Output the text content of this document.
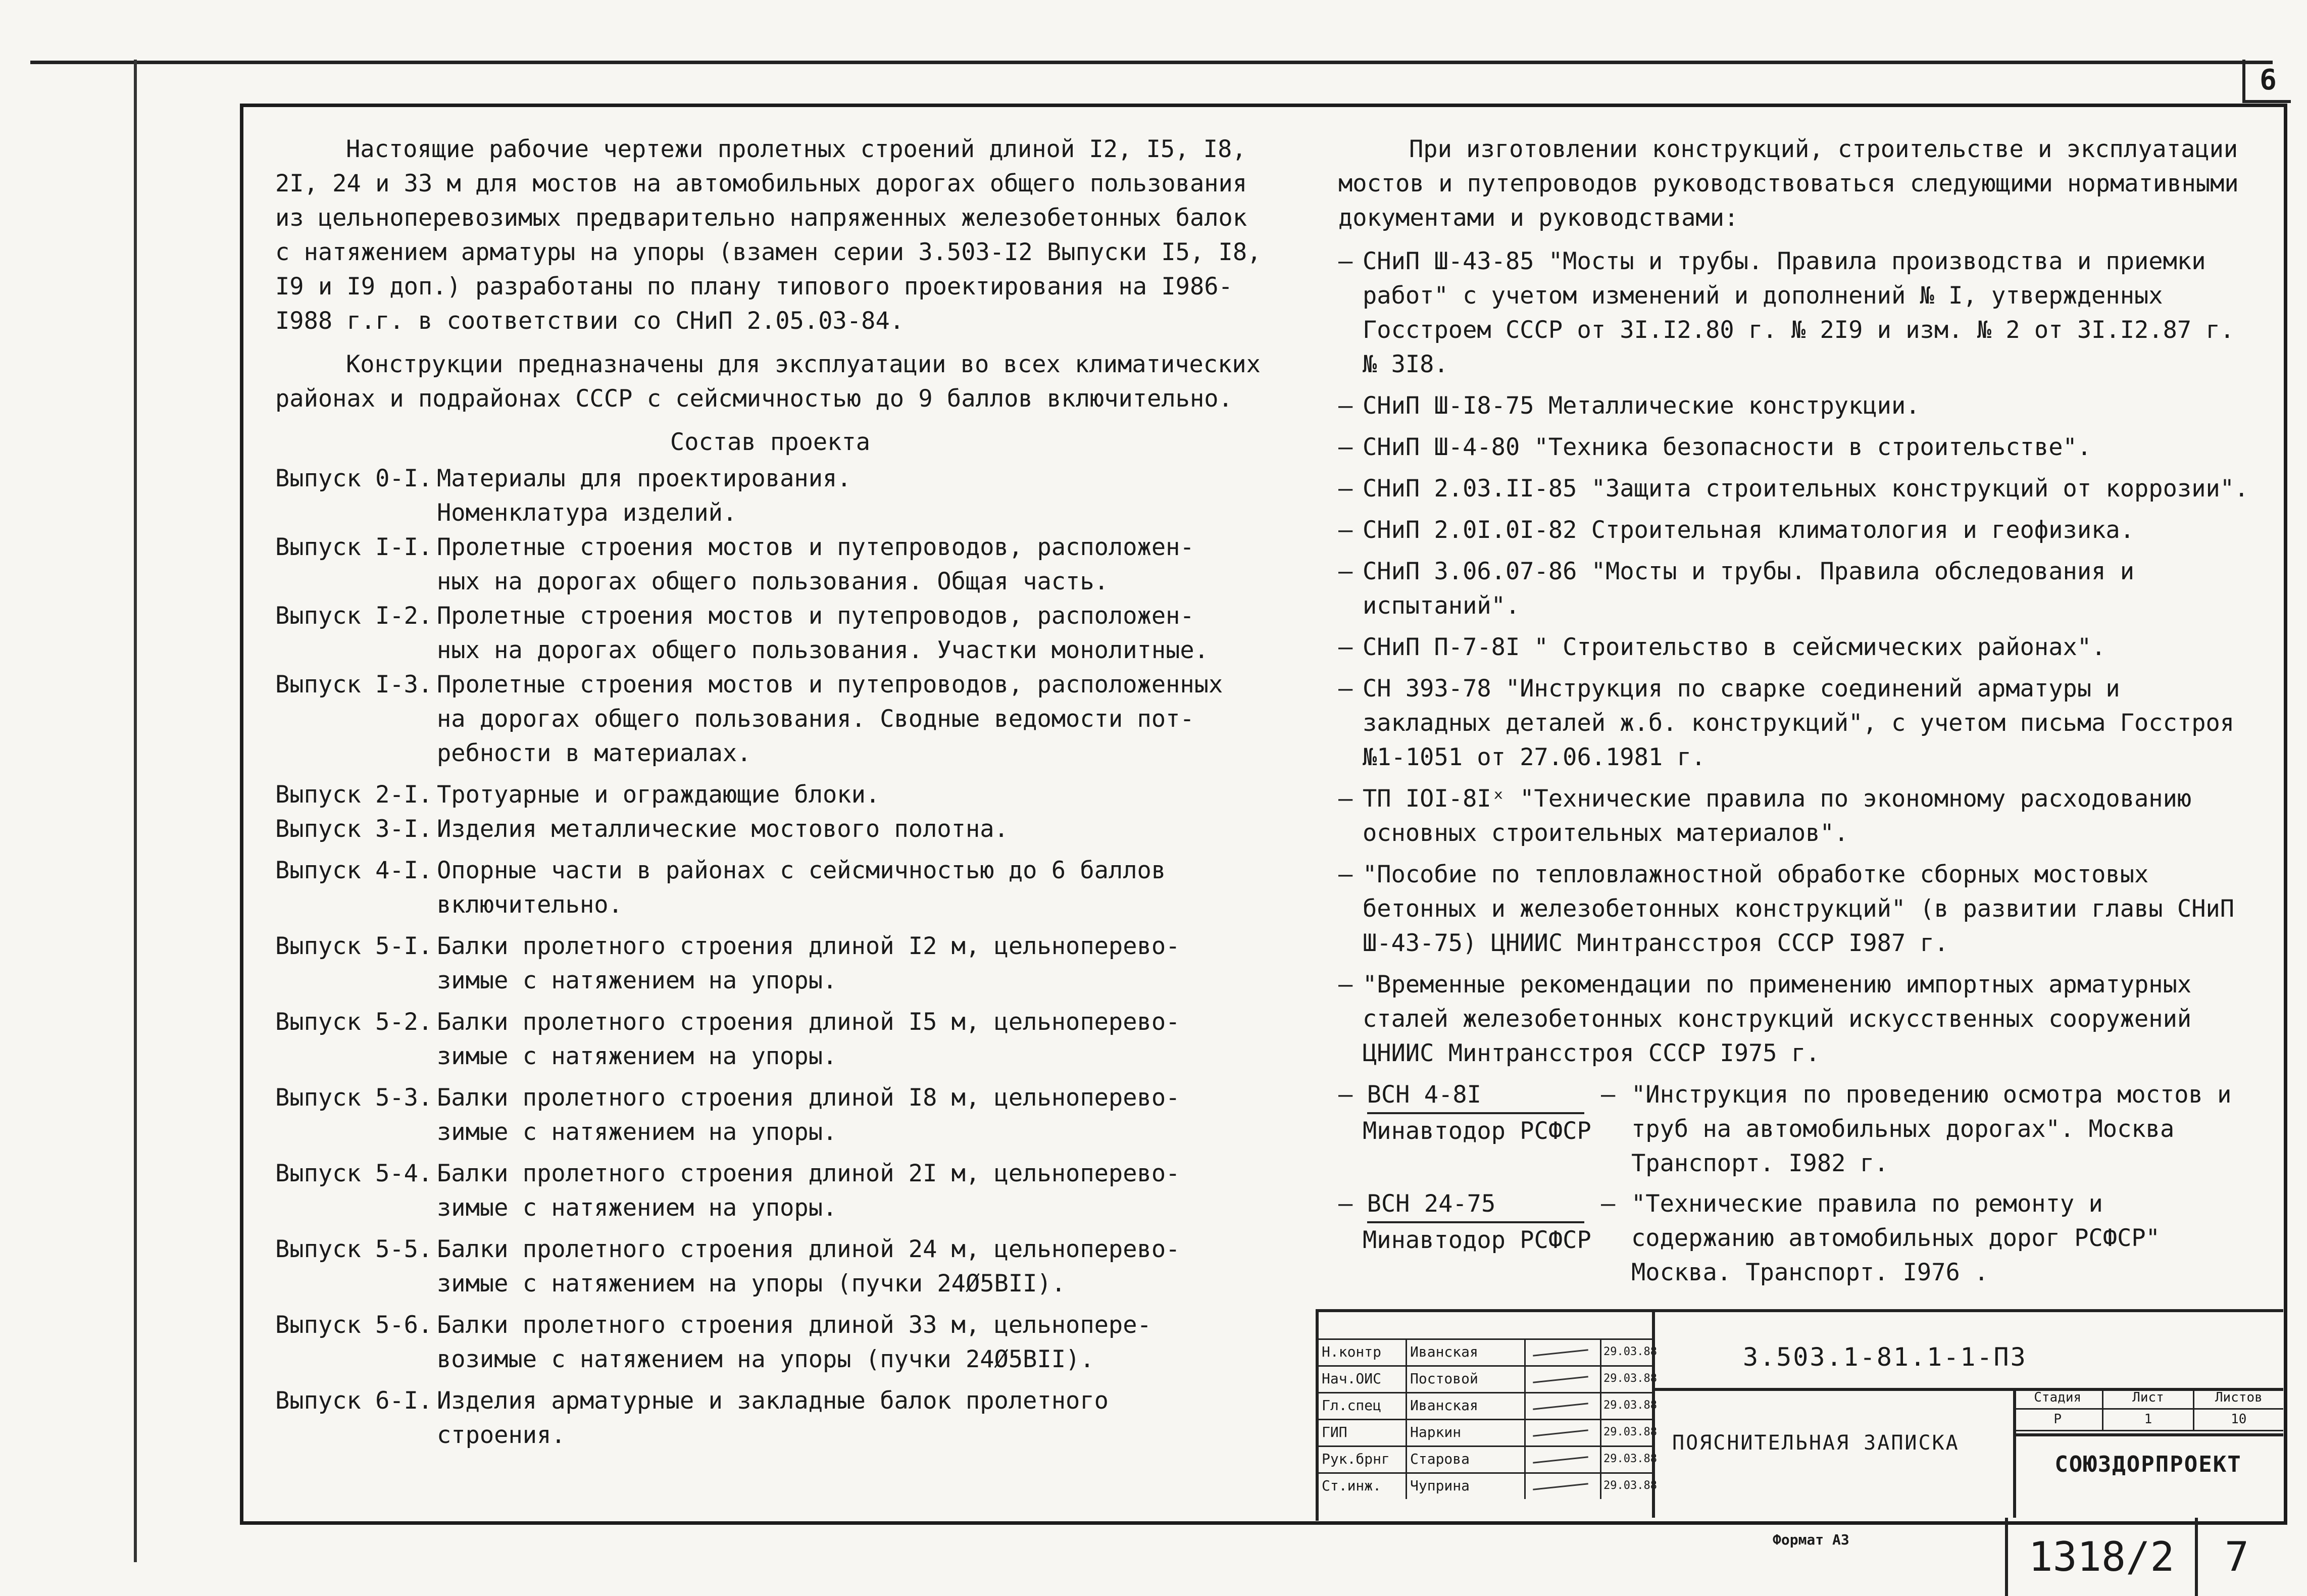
6

Настоящие рабочие чертежи пролетных строений длиной I2, I5, I8, 2I, 24 и 33 м для мостов на автомобильных дорогах общего пользования из цельноперевозимых предварительно напряженных железобетонных балок с натяжением арматуры на упоры (взамен серии 3.503-I2 Выпуски I5, I8, I9 и I9 доп.) разработаны по плану типового проектирования на I986-I988 г.г. в соответствии со СНиП 2.05.03-84.

Конструкции предназначены для эксплуатации во всех климатических районах и подрайонах СССР с сейсмичностью до 9 баллов включительно.

Состав проекта

Выпуск 0-I. Материалы для проектирования.
Номенклатура изделий.
Выпуск I-I. Пролетные строения мостов и путепроводов, расположен-
ных на дорогах общего пользования. Общая часть.
Выпуск I-2. Пролетные строения мостов и путепроводов, расположен-
ных на дорогах общего пользования. Участки монолитные.
Выпуск I-3. Пролетные строения мостов и путепроводов, расположенных
на дорогах общего пользования. Сводные ведомости пот-
ребности в материалах.
Выпуск 2-I. Тротуарные и ограждающие блоки.
Выпуск 3-I. Изделия металлические мостового полотна.
Выпуск 4-I. Опорные части в районах с сейсмичностью до 6 баллов
включительно.
Выпуск 5-I. Балки пролетного строения длиной I2 м, цельноперево-
зимые с натяжением на упоры.
Выпуск 5-2. Балки пролетного строения длиной I5 м, цельноперево-
зимые с натяжением на упоры.
Выпуск 5-3. Балки пролетного строения длиной I8 м, цельноперево-
зимые с натяжением на упоры.
Выпуск 5-4. Балки пролетного строения длиной 2I м, цельноперево-
зимые с натяжением на упоры.
Выпуск 5-5. Балки пролетного строения длиной 24 м, цельноперево-
зимые с натяжением на упоры (пучки 24Ø5ВII).
Выпуск 5-6. Балки пролетного строения длиной 33 м, цельнопере-
возимые с натяжением на упоры (пучки 24Ø5ВII).
Выпуск 6-I. Изделия арматурные и закладные балок пролетного
строения.

При изготовлении конструкций, строительстве и эксплуатации мостов и путепроводов руководствоваться следующими нормативными документами и руководствами:

– СНиП Ш-43-85 "Мосты и трубы. Правила производства и приемки работ" с учетом изменений и дополнений № I, утвержденных Госстроем СССР от 3I.I2.80 г. № 2I9 и изм. № 2 от 3I.I2.87 г. № 3I8.
– СНиП Ш-I8-75 Металлические конструкции.
– СНиП Ш-4-80 "Техника безопасности в строительстве".
– СНиП 2.03.II-85 "Защита строительных конструкций от коррозии".
– СНиП 2.0I.0I-82 Строительная климатология и геофизика.
– СНиП 3.06.07-86 "Мосты и трубы. Правила обследования и испытаний".
– СНиП П-7-8I " Строительство в сейсмических районах".
– СН 393-78 "Инструкция по сварке соединений арматуры и закладных деталей ж.б. конструкций", с учетом письма Госстроя №1-1051 от 27.06.1981 г.
– ТП IOI-8Iˣ "Технические правила по экономному расходованию основных строительных материалов".
– "Пособие по тепловлажностной обработке сборных мостовых бетонных и железобетонных конструкций" (в развитии главы СНиП Ш-43-75) ЦНИИС Минтрансстроя СССР I987 г.
– "Временные рекомендации по применению импортных арматурных сталей железобетонных конструкций искусственных сооружений ЦНИИС Минтрансстроя СССР I975 г.
– ВСН 4-8I
Минавтодор РСФСР
– "Инструкция по проведению осмотра мостов и труб на автомобильных дорогах". Москва Транспорт. I982 г.
– ВСН 24-75
Минавтодор РСФСР
– "Технические правила по ремонту и содержанию автомобильных дорог РСФСР" Москва. Транспорт. I976 .
Н.контр	Иванская	29.03.88
Нач.ОИС	Постовой	29.03.88
Гл.спец	Иванская	29.03.88
ГИП	Наркин	29.03.88
Рук.брнг	Старова	29.03.88
Ст.инж.	Чуприна	29.03.88
3.503.1-81.1-1-ПЗ
ПОЯСНИТЕЛЬНАЯ ЗАПИСКА
Стадия	Лист	Листов
Р	1	10
СОЮЗДОРПРОЕКТ
Формат А3	1318/2	7
